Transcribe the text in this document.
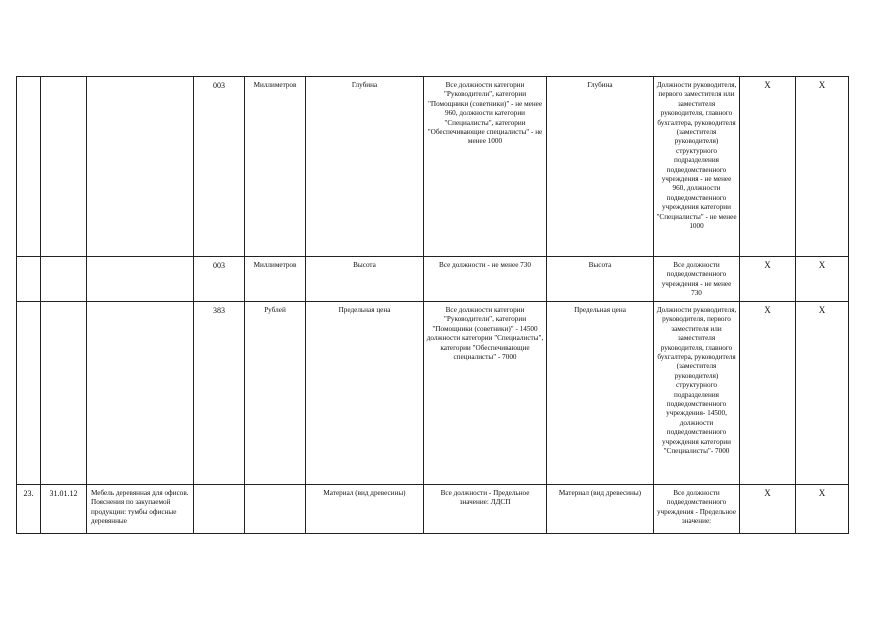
			003	Миллиметров	Глубина	Все должности категории "Руководители", категории "Помощники (советники)" - не менее 960, должности категории "Специалисты", категории "Обеспечивающие специалисты" - не менее 1000	Глубина	Должности руководителя, первого заместителя или заместителя руководителя, главного бухгалтера, руководителя (заместителя руководителя) структурного подразделения подведомственного учреждения - не менее 960, должности подведомственного учреждения категории "Специалисты" - не менее 1000	X	X
			003	Миллиметров	Высота	Все должности - не менее 730	Высота	Все должности подведомственного учреждения - не менее 730	X	X
			383	Рублей	Предельная цена	Все должности категории "Руководители", категории "Помощники (советники)" - 14500 должности категории "Специалисты", категории "Обеспечивающие специалисты" - 7000	Предельная цена	Должности руководителя, руководителя, первого заместителя или заместителя руководителя, главного бухгалтера, руководителя (заместителя руководителя) структурного подразделения подведомственного учреждения- 14500, должности подведомственного учреждения категории "Специалисты"- 7000	X	X
23.	31.01.12	Мебель деревянная для офисов. Пояснения по закупаемой продукции: тумбы офисные деревянные			Материал (вид древесины)	Все должности - Предельное значение: ЛДСП	Материал (вид древесины)	Все должности подведомственного учреждения - Предельное значение:	X	X
